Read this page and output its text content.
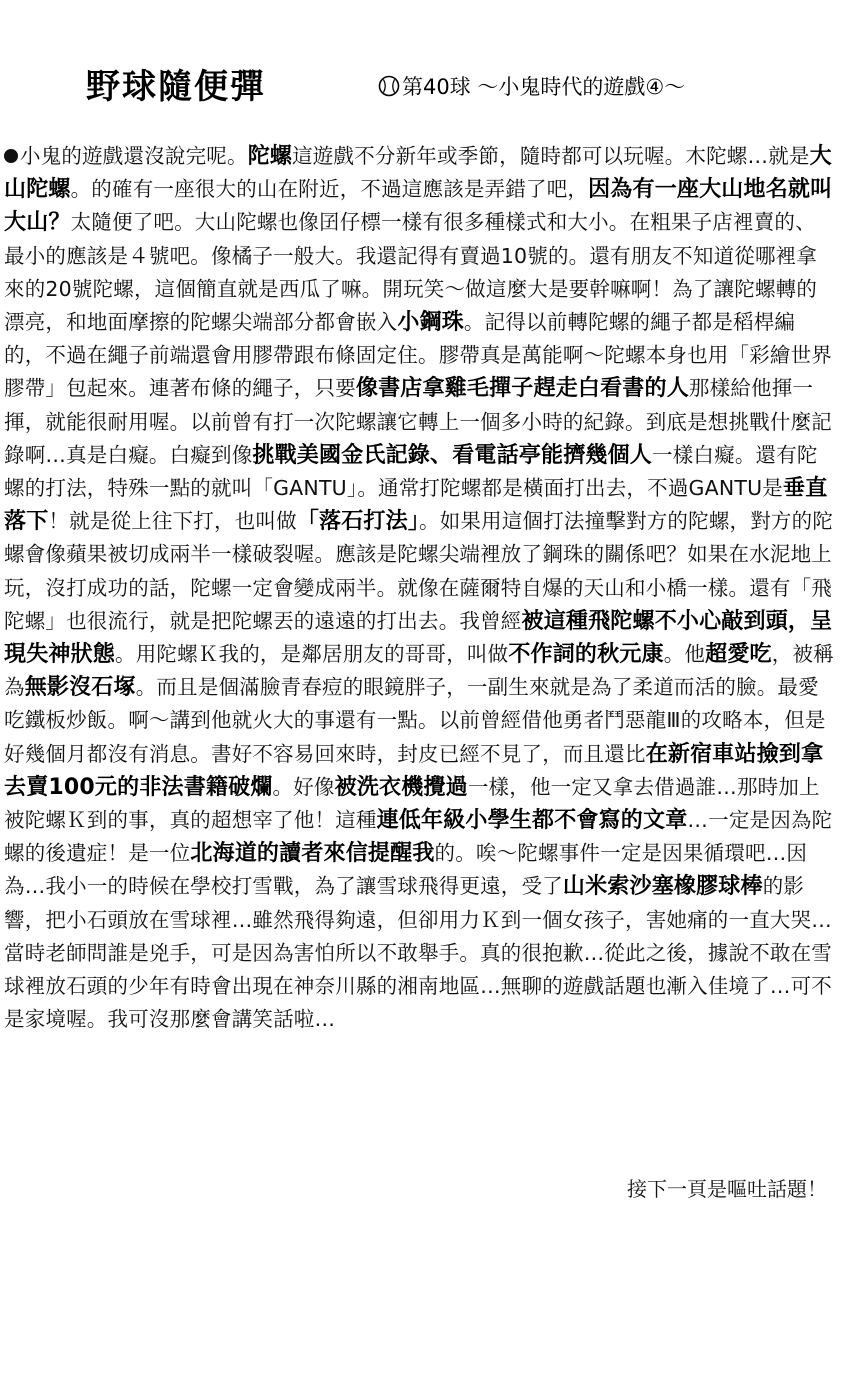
野球隨便彈	第40球 ～小鬼時代的遊戲④～
小鬼的遊戲還沒說完呢。陀螺這遊戲不分新年或季節，隨時都可以玩喔。木陀螺…就是大山陀螺。的確有一座很大的山在附近，不過這應該是弄錯了吧，因為有一座大山地名就叫大山？太隨便了吧。大山陀螺也像囝仔標一樣有很多種樣式和大小。在粗果子店裡賣的、最小的應該是４號吧。像橘子一般大。我還記得有賣過10號的。還有朋友不知道從哪裡拿來的20號陀螺，這個簡直就是西瓜了嘛。開玩笑～做這麼大是要幹嘛啊！為了讓陀螺轉的漂亮，和地面摩擦的陀螺尖端部分都會嵌入小鋼珠。記得以前轉陀螺的繩子都是稻桿編的，不過在繩子前端還會用膠帶跟布條固定住。膠帶真是萬能啊～陀螺本身也用「彩繪世界膠帶」包起來。連著布條的繩子，只要像書店拿雞毛撣子趕走白看書的人那樣給他揮一揮，就能很耐用喔。以前曾有打一次陀螺讓它轉上一個多小時的紀錄。到底是想挑戰什麼記錄啊…真是白癡。白癡到像挑戰美國金氏記錄、看電話亭能擠幾個人一樣白癡。還有陀螺的打法，特殊一點的就叫「GANTU」。通常打陀螺都是橫面打出去，不過GANTU是垂直落下！就是從上往下打，也叫做「落石打法」。如果用這個打法撞擊對方的陀螺，對方的陀螺會像蘋果被切成兩半一樣破裂喔。應該是陀螺尖端裡放了鋼珠的關係吧？如果在水泥地上玩，沒打成功的話，陀螺一定會變成兩半。就像在薩爾特自爆的天山和小橋一樣。還有「飛陀螺」也很流行，就是把陀螺丟的遠遠的打出去。我曾經被這種飛陀螺不小心敲到頭，呈現失神狀態。用陀螺Ｋ我的，是鄰居朋友的哥哥，叫做不作詞的秋元康。他超愛吃，被稱為無影沒石塚。而且是個滿臉青春痘的眼鏡胖子，一副生來就是為了柔道而活的臉。最愛吃鐵板炒飯。啊～講到他就火大的事還有一點。以前曾經借他勇者鬥惡龍Ⅲ的攻略本，但是好幾個月都沒有消息。書好不容易回來時，封皮已經不見了，而且還比在新宿車站撿到拿去賣100元的非法書籍破爛。好像被洗衣機攪過一樣，他一定又拿去借過誰…那時加上被陀螺Ｋ到的事，真的超想宰了他！這種連低年級小學生都不會寫的文章…一定是因為陀螺的後遺症！是一位北海道的讀者來信提醒我的。唉～陀螺事件一定是因果循環吧…因為…我小一的時候在學校打雪戰，為了讓雪球飛得更遠，受了山米索沙塞橡膠球棒的影響，把小石頭放在雪球裡…雖然飛得夠遠，但卻用力Ｋ到一個女孩子，害她痛的一直大哭…當時老師問誰是兇手，可是因為害怕所以不敢舉手。真的很抱歉…從此之後，據說不敢在雪球裡放石頭的少年有時會出現在神奈川縣的湘南地區…無聊的遊戲話題也漸入佳境了…可不是家境喔。我可沒那麼會講笑話啦…
接下一頁是嘔吐話題！
